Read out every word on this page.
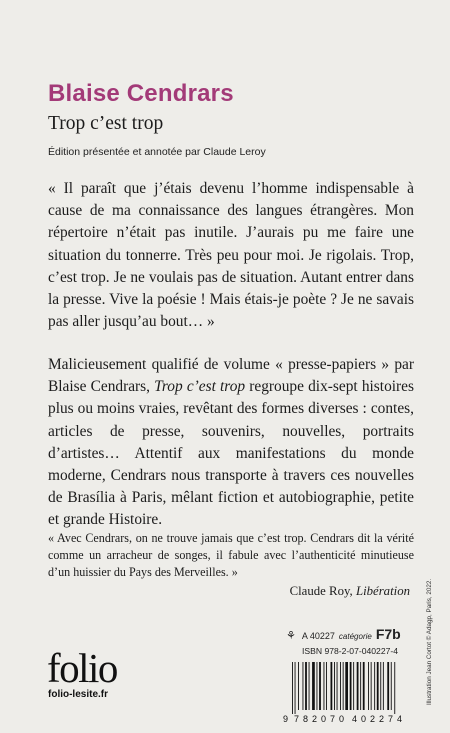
Blaise Cendrars
Trop c’est trop
Édition présentée et annotée par Claude Leroy

« Il paraît que j’étais devenu l’homme indispensable à cause de ma connaissance des langues étrangères. Mon répertoire n’était pas inutile. J’aurais pu me faire une situation du tonnerre. Très peu pour moi. Je rigolais. Trop, c’est trop. Je ne voulais pas de situation. Autant entrer dans la presse. Vive la poésie ! Mais étais-je poète ? Je ne savais pas aller jusqu’au bout… »

Malicieusement qualifié de volume « presse-papiers » par Blaise Cendrars, Trop c’est trop regroupe dix-sept histoires plus ou moins vraies, revêtant des formes diverses : contes, articles de presse, souvenirs, nouvelles, portraits d’artistes… Attentif aux manifestations du monde moderne, Cendrars nous transporte à travers ces nouvelles de Brasília à Paris, mêlant fiction et autobiographie, petite et grande Histoire.

« Avec Cendrars, on ne trouve jamais que c’est trop. Cendrars dit la vérité comme un arracheur de songes, il fabule avec l’authenticité minutieuse d’un huissier du Pays des Merveilles. »

Claude Roy, Libération
⚘ A 40227 catégorie F7b
ISBN 978-2-07-040227-4
9 782070 402274
folio
folio-lesite.fr	Illustration Jean Cortot © Adagp, Paris, 2022.
